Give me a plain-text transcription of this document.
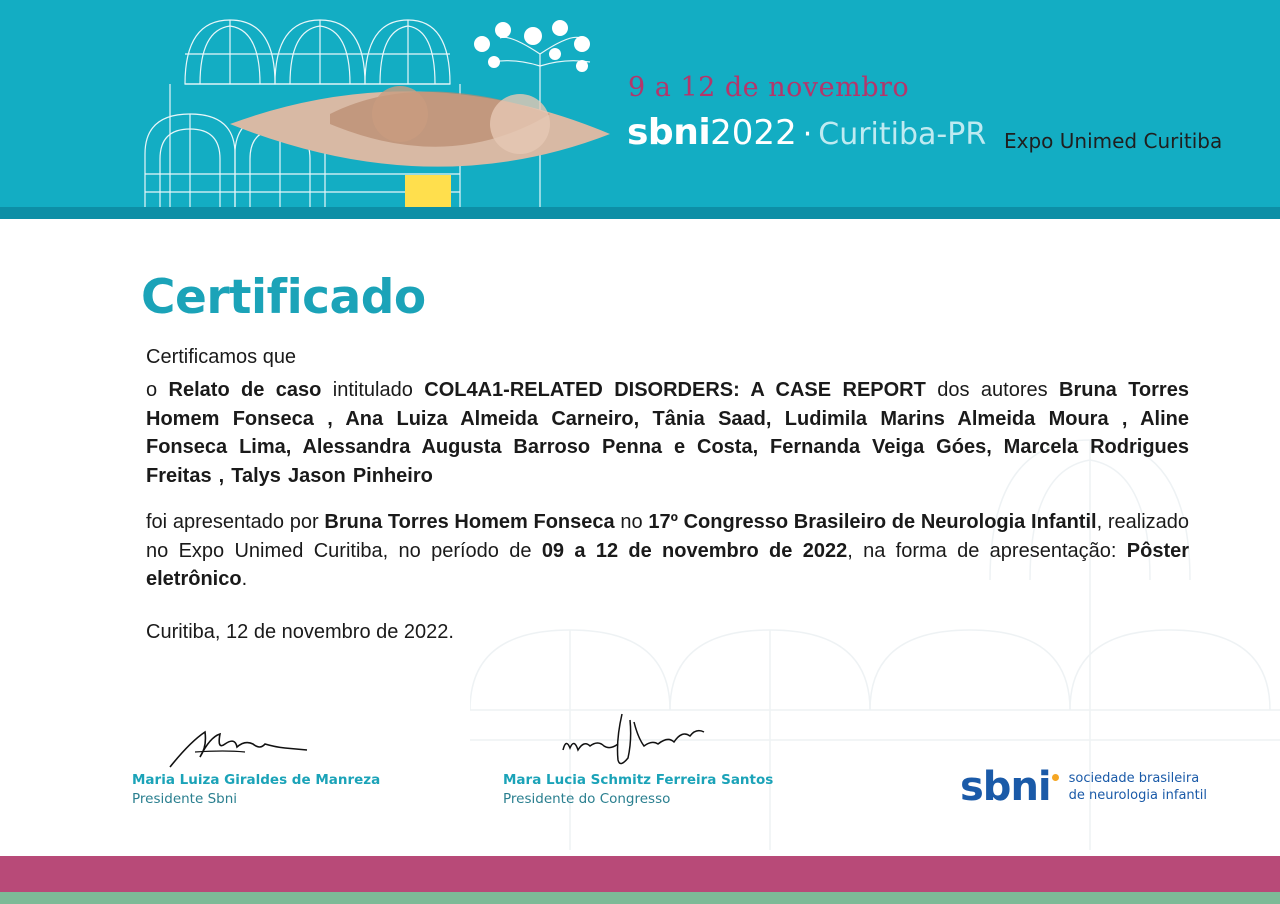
9 a 12 de novembro
sbni2022 · Curitiba-PR Expo Unimed Curitiba
Certificado
Certificamos que
o Relato de caso intitulado COL4A1-RELATED DISORDERS: A CASE REPORT dos autores Bruna Torres Homem Fonseca , Ana Luiza Almeida Carneiro, Tânia Saad, Ludimila Marins Almeida Moura , Aline Fonseca Lima, Alessandra Augusta Barroso Penna e Costa, Fernanda Veiga Góes, Marcela Rodrigues Freitas , Talys Jason Pinheiro
foi apresentado por Bruna Torres Homem Fonseca no 17º Congresso Brasileiro de Neurologia Infantil, realizado no Expo Unimed Curitiba, no período de 09 a 12 de novembro de 2022, na forma de apresentação: Pôster eletrônico.
Curitiba, 12 de novembro de 2022.
Maria Luiza Giraldes de Manreza
Presidente Sbni
Mara Lucia Schmitz Ferreira Santos
Presidente do Congresso	sbni sociedade brasileira
de neurologia infantil
